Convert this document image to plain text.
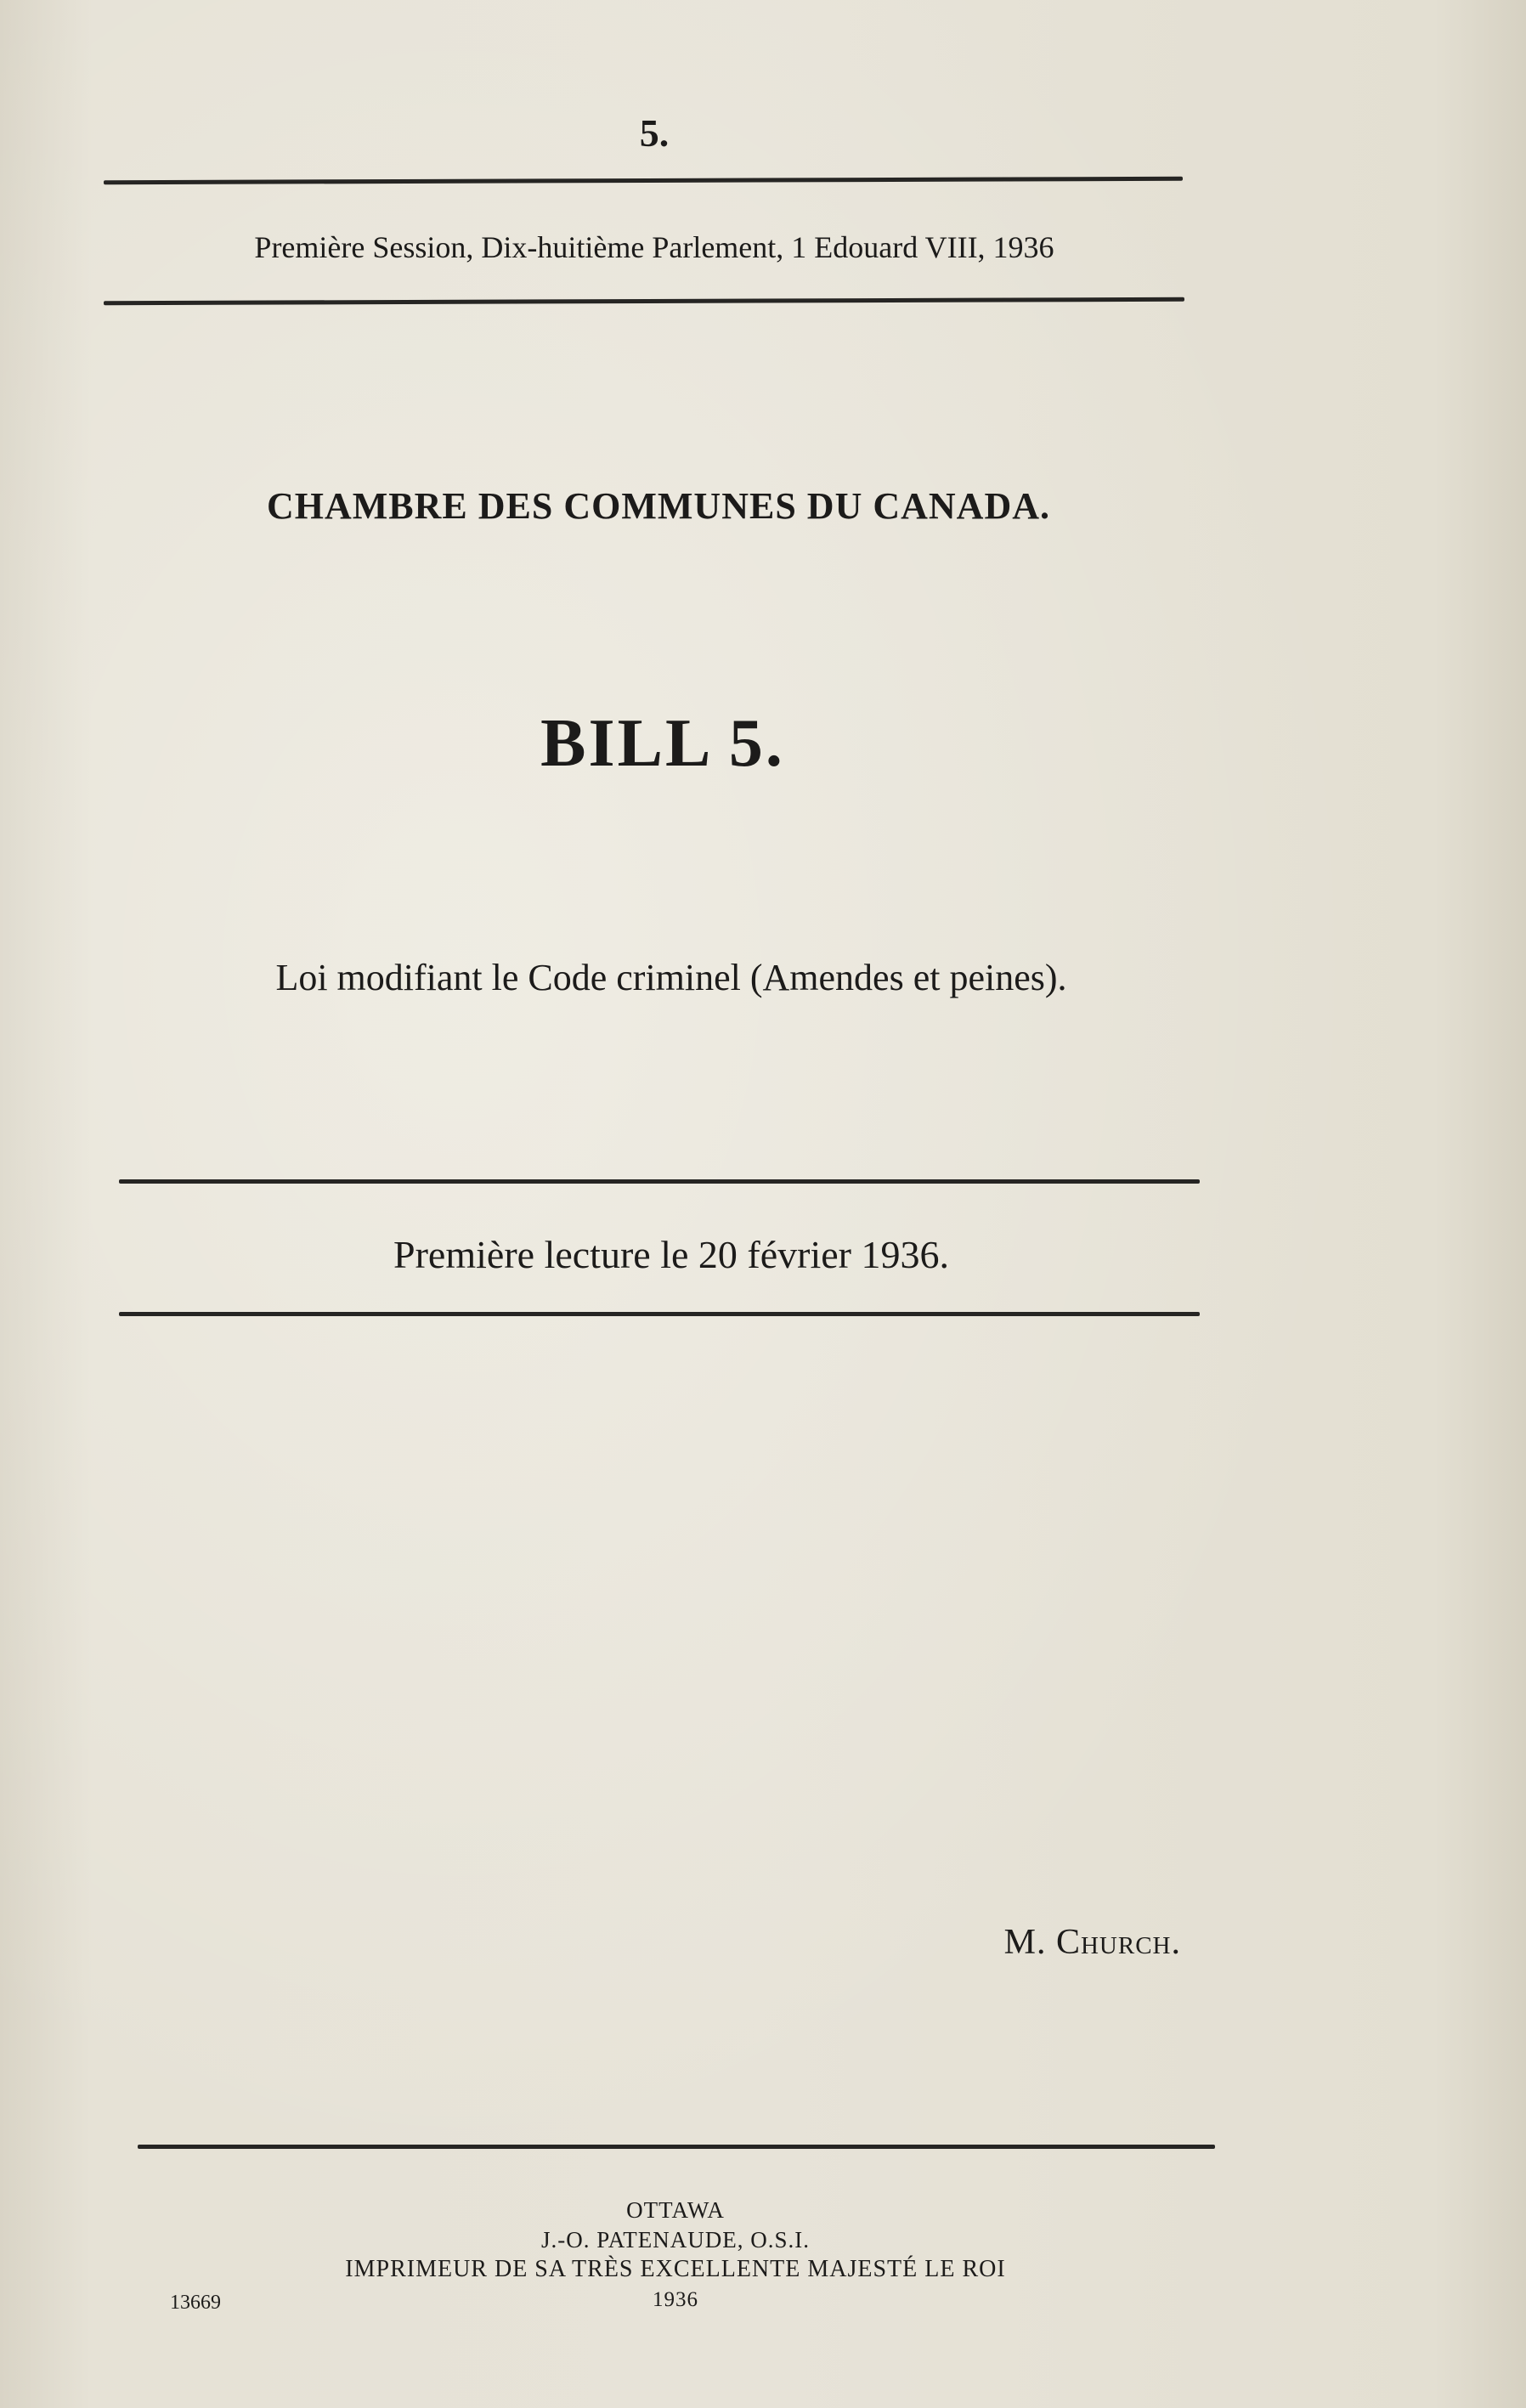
5.
Première Session, Dix-huitième Parlement, 1 Edouard VIII, 1936
CHAMBRE DES COMMUNES DU CANADA.
BILL 5.
Loi modifiant le Code criminel (Amendes et peines).
Première lecture le 20 février 1936.
M. Church.
OTTAWA
J.-O. PATENAUDE, O.S.I.
IMPRIMEUR DE SA TRÈS EXCELLENTE MAJESTÉ LE ROI
13669	1936
